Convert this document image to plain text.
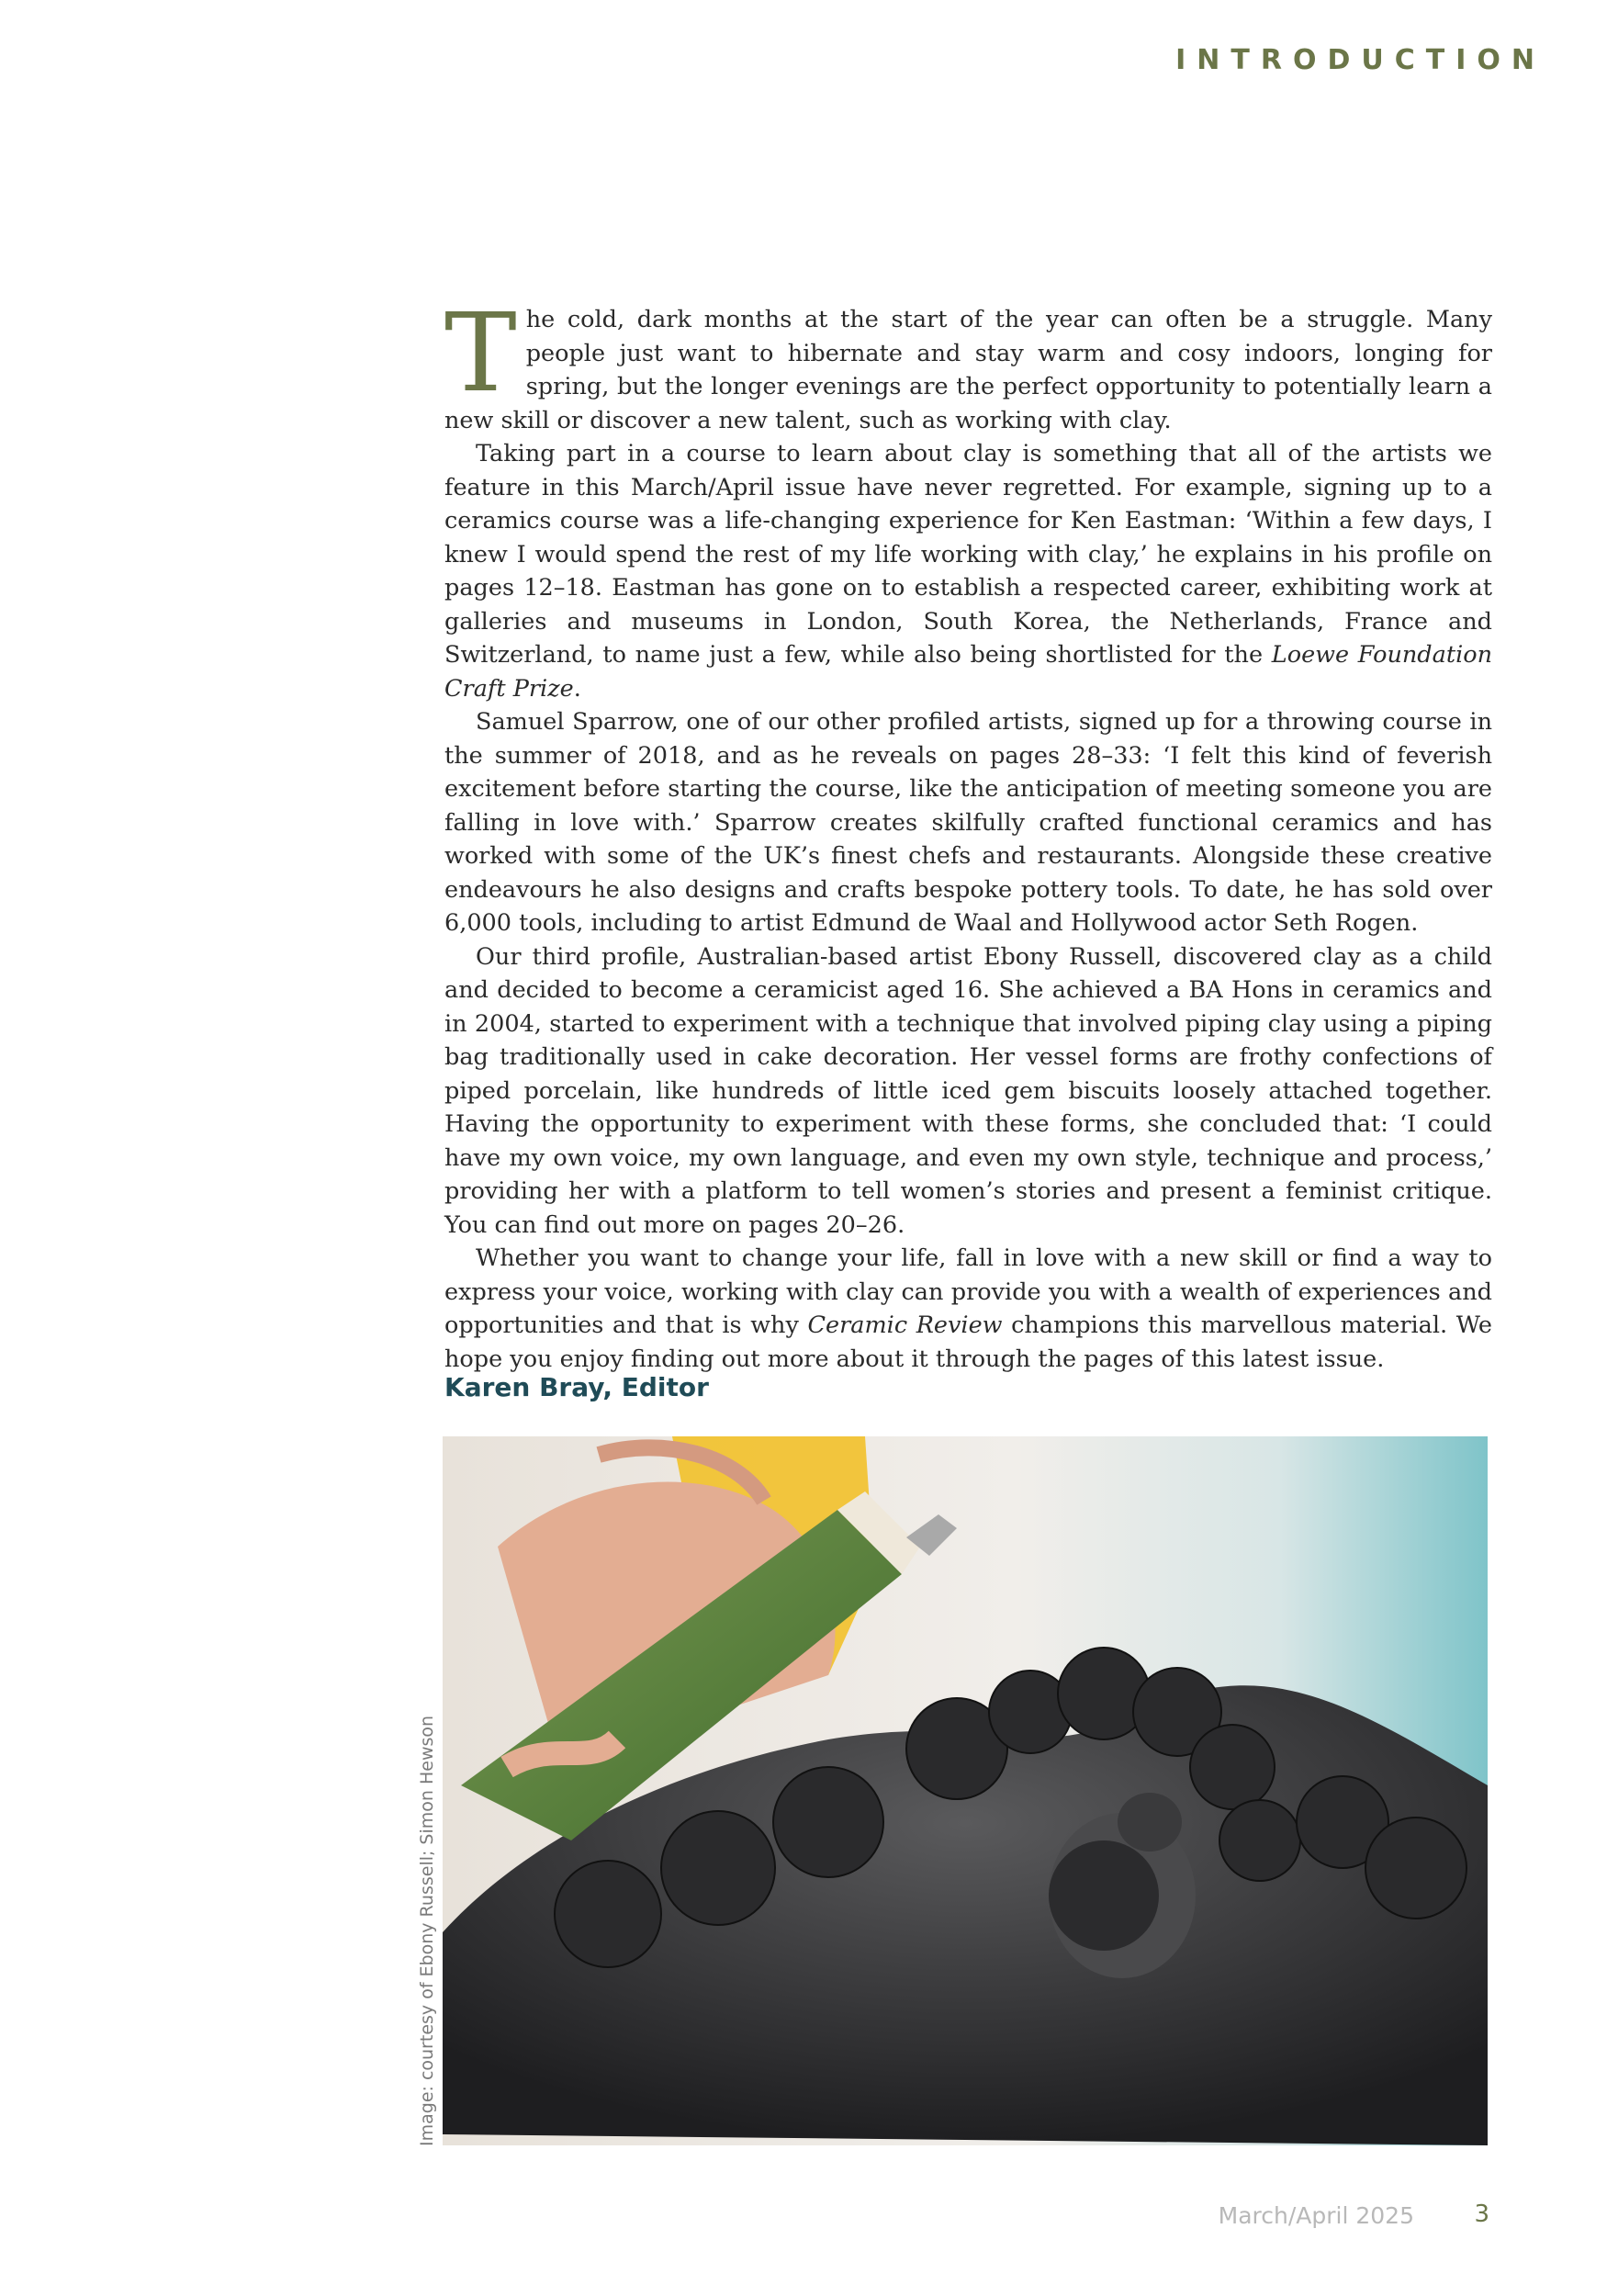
INTRODUCTION

The cold, dark months at the start of the year can often be a struggle. Many people just want to hibernate and stay warm and cosy indoors, longing for spring, but the longer evenings are the perfect opportunity to potentially learn a new skill or discover a new talent, such as working with clay.

Taking part in a course to learn about clay is something that all of the artists we feature in this March/April issue have never regretted. For example, signing up to a ceramics course was a life-changing experience for Ken Eastman: ‘Within a few days, I knew I would spend the rest of my life working with clay,’ he explains in his profile on pages 12–18. Eastman has gone on to establish a respected career, exhibiting work at galleries and museums in London, South Korea, the Netherlands, France and Switzerland, to name just a few, while also being shortlisted for the Loewe Foundation Craft Prize.

Samuel Sparrow, one of our other profiled artists, signed up for a throwing course in the summer of 2018, and as he reveals on pages 28–33: ‘I felt this kind of feverish excitement before starting the course, like the anticipation of meeting someone you are falling in love with.’ Sparrow creates skilfully crafted functional ceramics and has worked with some of the UK’s finest chefs and restaurants. Alongside these creative endeavours he also designs and crafts bespoke pottery tools. To date, he has sold over 6,000 tools, including to artist Edmund de Waal and Hollywood actor Seth Rogen.

Our third profile, Australian-based artist Ebony Russell, discovered clay as a child and decided to become a ceramicist aged 16. She achieved a BA Hons in ceramics and in 2004, started to experiment with a technique that involved piping clay using a piping bag traditionally used in cake decoration. Her vessel forms are frothy confections of piped porcelain, like hundreds of little iced gem biscuits loosely attached together. Having the opportunity to experiment with these forms, she concluded that: ‘I could have my own voice, my own language, and even my own style, technique and process,’ providing her with a platform to tell women’s stories and present a feminist critique. You can find out more on pages 20–26.

Whether you want to change your life, fall in love with a new skill or find a way to express your voice, working with clay can provide you with a wealth of experiences and opportunities and that is why Ceramic Review champions this marvellous material. We hope you enjoy finding out more about it through the pages of this latest issue.

Karen Bray, Editor
Image: courtesy of Ebony Russell; Simon Hewson
March/April 2025	3
